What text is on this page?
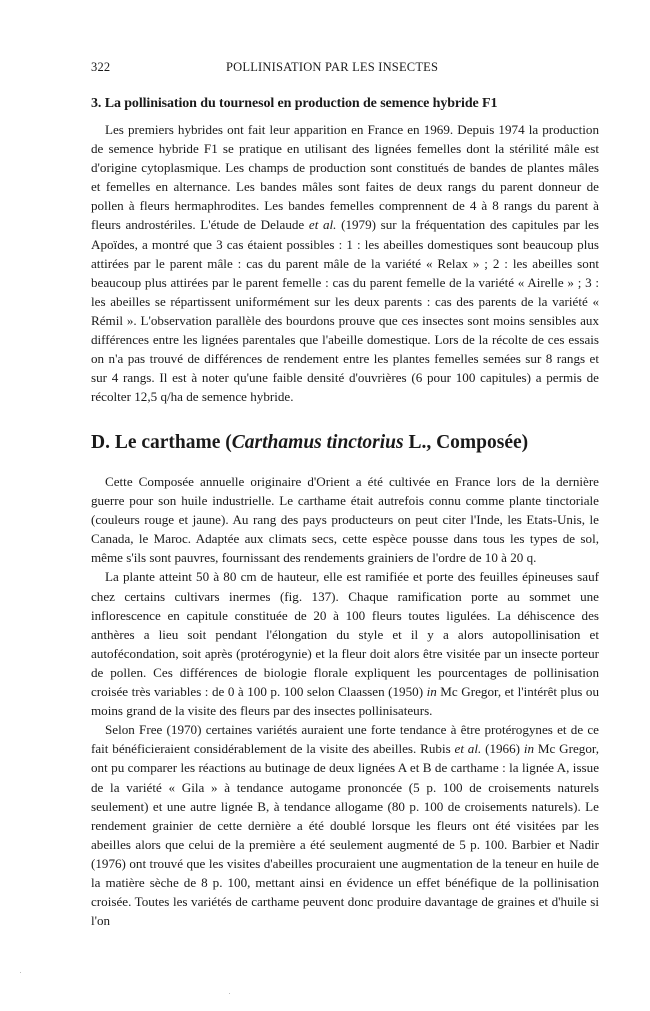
322	POLLINISATION PAR LES INSECTES
3. La pollinisation du tournesol en production de semence hybride F1

Les premiers hybrides ont fait leur apparition en France en 1969. Depuis 1974 la production de semence hybride F1 se pratique en utilisant des lignées femelles dont la stérilité mâle est d'origine cytoplasmique. Les champs de production sont constitués de bandes de plantes mâles et femelles en alternance. Les bandes mâles sont faites de deux rangs du parent donneur de pollen à fleurs hermaphrodites. Les bandes femelles comprennent de 4 à 8 rangs du parent à fleurs androstériles. L'étude de Delaude et al. (1979) sur la fréquentation des capitules par les Apoïdes, a montré que 3 cas étaient possibles : 1 : les abeilles domestiques sont beaucoup plus attirées par le parent mâle : cas du parent mâle de la variété « Relax » ; 2 : les abeilles sont beaucoup plus attirées par le parent femelle : cas du parent femelle de la variété « Airelle » ; 3 : les abeilles se répartissent uniformément sur les deux parents : cas des parents de la variété « Rémil ». L'observation parallèle des bourdons prouve que ces insectes sont moins sensibles aux différences entre les lignées parentales que l'abeille domestique. Lors de la récolte de ces essais on n'a pas trouvé de différences de rendement entre les plantes femelles semées sur 8 rangs et sur 4 rangs. Il est à noter qu'une faible densité d'ouvrières (6 pour 100 capitules) a permis de récolter 12,5 q/ha de semence hybride.

D. Le carthame (Carthamus tinctorius L., Composée)

Cette Composée annuelle originaire d'Orient a été cultivée en France lors de la dernière guerre pour son huile industrielle. Le carthame était autrefois connu comme plante tinctoriale (couleurs rouge et jaune). Au rang des pays producteurs on peut citer l'Inde, les Etats-Unis, le Canada, le Maroc. Adaptée aux climats secs, cette espèce pousse dans tous les types de sol, même s'ils sont pauvres, fournissant des rendements grainiers de l'ordre de 10 à 20 q.

La plante atteint 50 à 80 cm de hauteur, elle est ramifiée et porte des feuilles épineuses sauf chez certains cultivars inermes (fig. 137). Chaque ramification porte au sommet une inflorescence en capitule constituée de 20 à 100 fleurs toutes ligulées. La déhiscence des anthères a lieu soit pendant l'élongation du style et il y a alors autopollinisation et autofécondation, soit après (protérogynie) et la fleur doit alors être visitée par un insecte porteur de pollen. Ces différences de biologie florale expliquent les pourcentages de pollinisation croisée très variables : de 0 à 100 p. 100 selon Claassen (1950) in Mc Gregor, et l'intérêt plus ou moins grand de la visite des fleurs par des insectes pollinisateurs.

Selon Free (1970) certaines variétés auraient une forte tendance à être protérogynes et de ce fait bénéficieraient considérablement de la visite des abeilles. Rubis et al. (1966) in Mc Gregor, ont pu comparer les réactions au butinage de deux lignées A et B de carthame : la lignée A, issue de la variété « Gila » à tendance autogame prononcée (5 p. 100 de croisements naturels seulement) et une autre lignée B, à tendance allogame (80 p. 100 de croisements naturels). Le rendement grainier de cette dernière a été doublé lorsque les fleurs ont été visitées par les abeilles alors que celui de la première a été seulement augmenté de 5 p. 100. Barbier et Nadir (1976) ont trouvé que les visites d'abeilles procuraient une augmentation de la teneur en huile de la matière sèche de 8 p. 100, mettant ainsi en évidence un effet bénéfique de la pollinisation croisée. Toutes les variétés de carthame peuvent donc produire davantage de graines et d'huile si l'on
